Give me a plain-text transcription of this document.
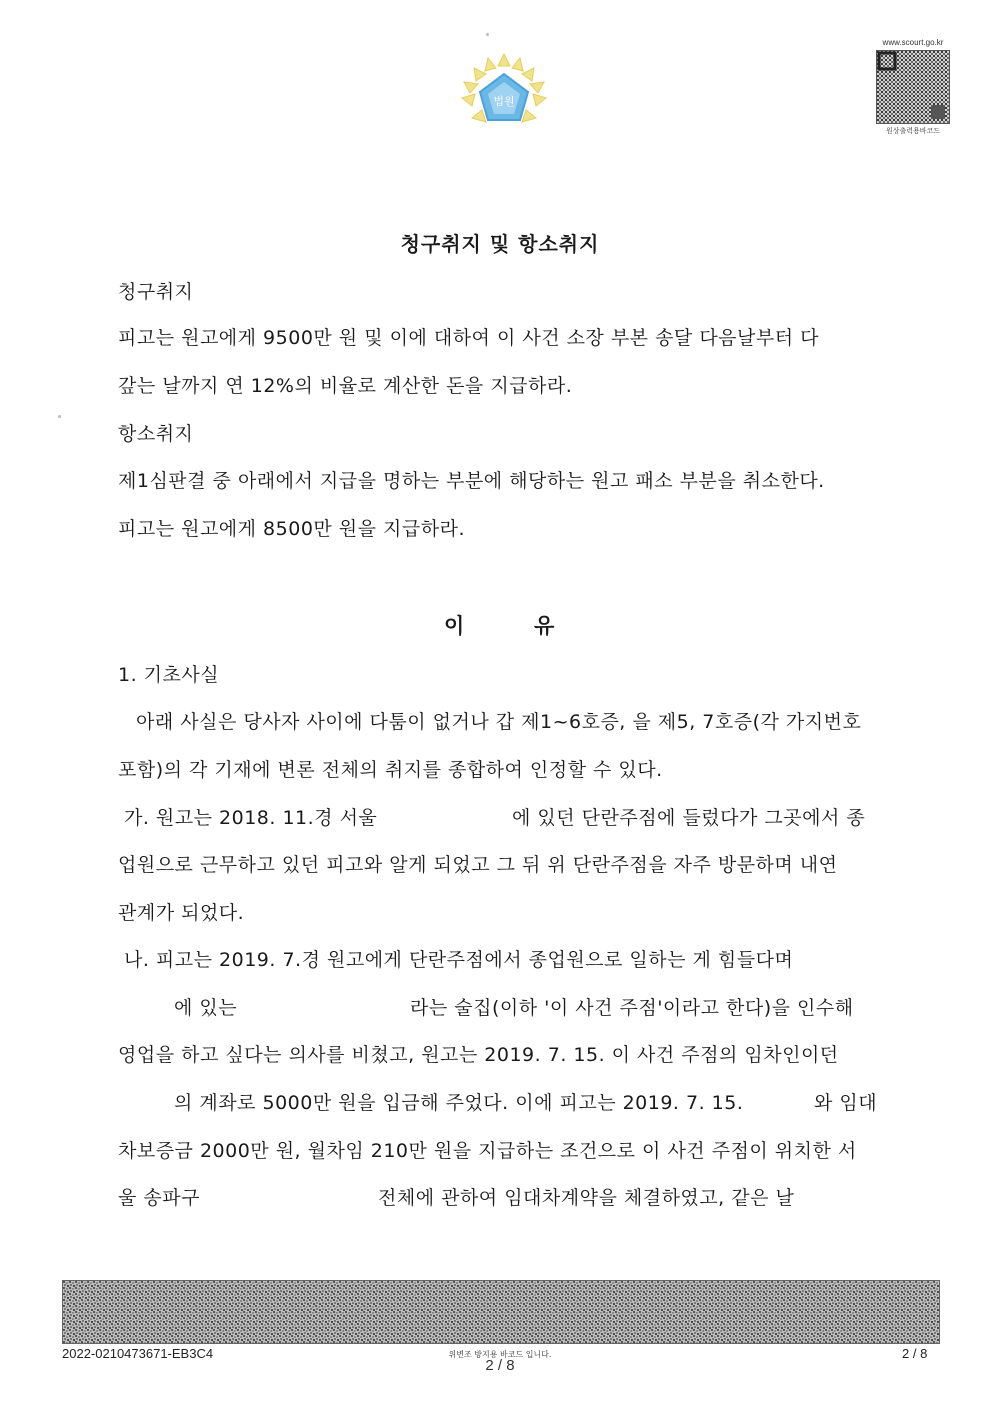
법원
www.scourt.go.kr
원상출력용바코드
청구취지 및 항소취지
청구취지
피고는 원고에게 9500만 원 및 이에 대하여 이 사건 소장 부본 송달 다음날부터 다
갚는 날까지 연 12%의 비율로 계산한 돈을 지급하라.
항소취지
제1심판결 중 아래에서 지급을 명하는 부분에 해당하는 원고 패소 부분을 취소한다.
피고는 원고에게 8500만 원을 지급하라.
이	유
1. 기초사실
아래 사실은 당사자 사이에 다툼이 없거나 갑 제1~6호증, 을 제5, 7호증(각 가지번호
포함)의 각 기재에 변론 전체의 취지를 종합하여 인정할 수 있다.
가. 원고는 2018. 11.경 서울	에 있던 단란주점에 들렀다가 그곳에서 종
업원으로 근무하고 있던 피고와 알게 되었고 그 뒤 위 단란주점을 자주 방문하며 내연
관계가 되었다.
나. 피고는 2019. 7.경 원고에게 단란주점에서 종업원으로 일하는 게 힘들다며
에 있는	라는 술집(이하 '이 사건 주점'이라고 한다)을 인수해
영업을 하고 싶다는 의사를 비쳤고, 원고는 2019. 7. 15. 이 사건 주점의 임차인이던
의 계좌로 5000만 원을 입금해 주었다. 이에 피고는 2019. 7. 15.	와 임대
차보증금 2000만 원, 월차임 210만 원을 지급하는 조건으로 이 사건 주점이 위치한 서
울 송파구	전체에 관하여 임대차계약을 체결하였고, 같은 날
2022-0210473671-EB3C4	위변조 방지용 바코드 입니다.
2 / 8
2 / 8
